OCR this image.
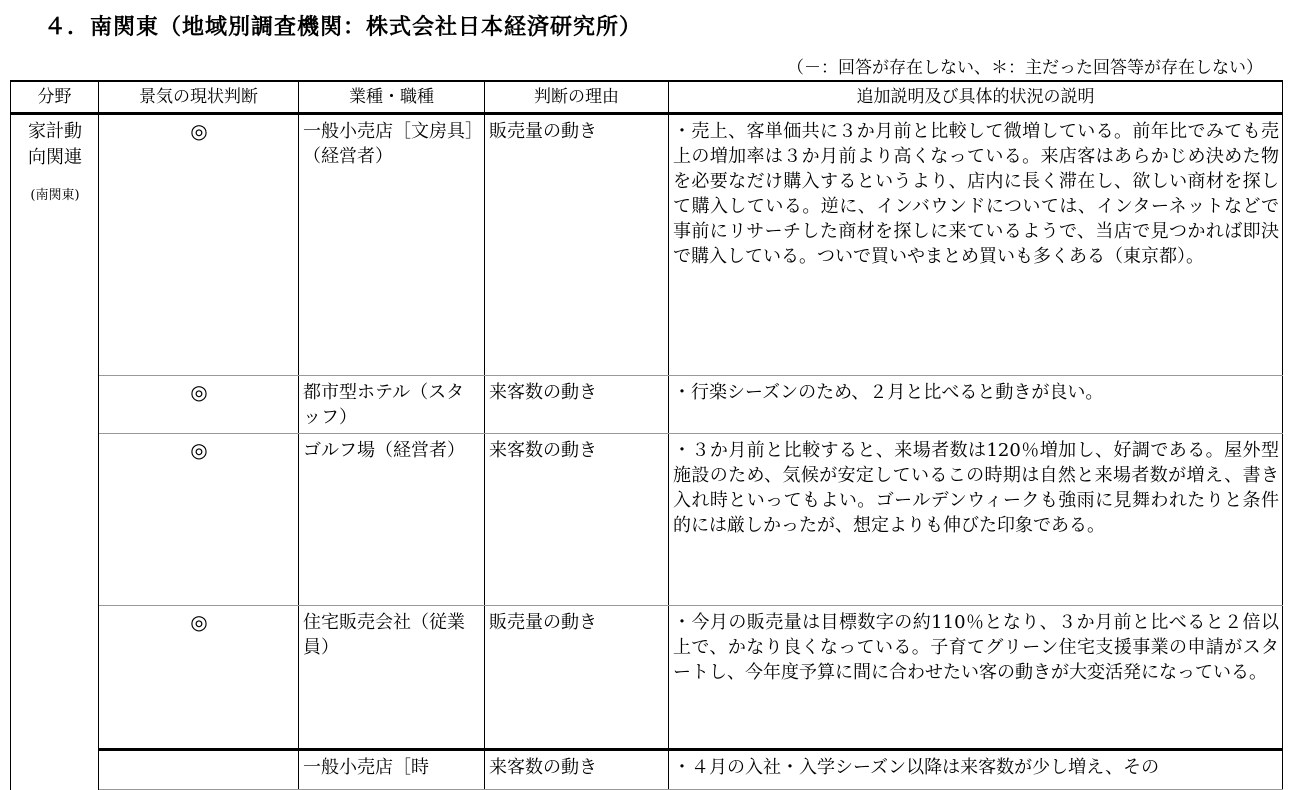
４．南関東（地域別調査機関：株式会社日本経済研究所）
（－：回答が存在しない、＊：主だった回答等が存在しない）
分野	景気の現状判断	業種・職種	判断の理由	追加説明及び具体的状況の説明

家計動向関連
(南関東)	◎	一般小売店［文房具］（経営者）	販売量の動き	・売上、客単価共に３か月前と比較して微増している。前年比でみても売上の増加率は３か月前より高くなっている。来店客はあらかじめ決めた物を必要なだけ購入するというより、店内に長く滞在し、欲しい商材を探して購入している。逆に、インバウンドについては、インターネットなどで事前にリサーチした商材を探しに来ているようで、当店で見つかれば即決で購入している。ついで買いやまとめ買いも多くある（東京都）。
	◎	都市型ホテル（スタッフ）	来客数の動き	・行楽シーズンのため、２月と比べると動きが良い。
	◎	ゴルフ場（経営者）	来客数の動き	・３か月前と比較すると、来場者数は120％増加し、好調である。屋外型施設のため、気候が安定しているこの時期は自然と来場者数が増え、書き入れ時といってもよい。ゴールデンウィークも強雨に見舞われたりと条件的には厳しかったが、想定よりも伸びた印象である。
	◎	住宅販売会社（従業員）	販売量の動き	・今月の販売量は目標数字の約110％となり、３か月前と比べると２倍以上で、かなり良くなっている。子育てグリーン住宅支援事業の申請がスタートし、今年度予算に間に合わせたい客の動きが大変活発になっている。
		一般小売店［時	来客数の動き	・４月の入社・入学シーズン以降は来客数が少し増え、その
